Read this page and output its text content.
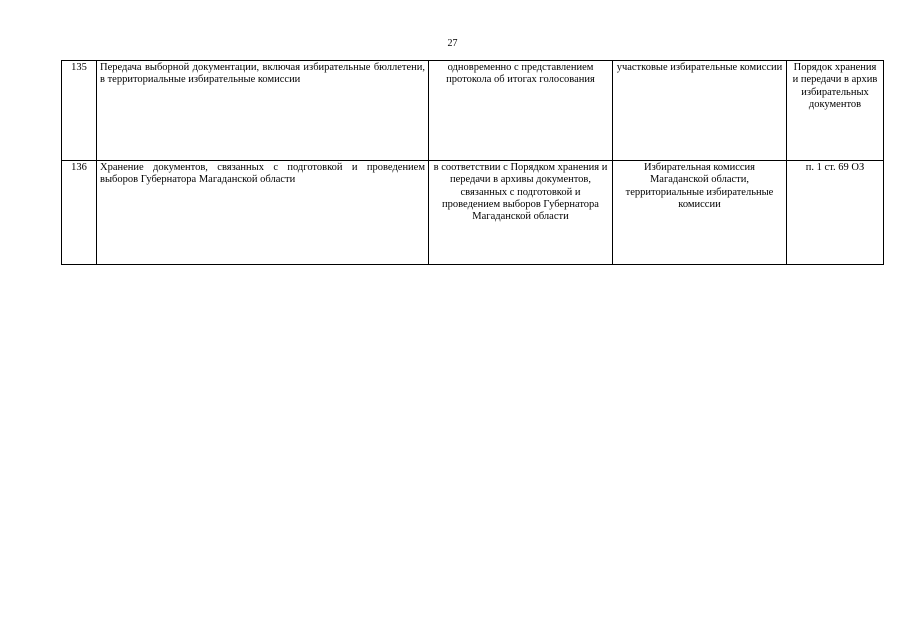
27
135	Передача выборной документации, включая избирательные бюллетени, в территориальные избирательные комиссии	одновременно с представлением протокола об итогах голосования	участковые избирательные комиссии	Порядок хранения и передачи в архив избирательных документов
136	Хранение документов, связанных с подготовкой и проведением выборов Губернатора Магаданской области	в соответствии с Порядком хранения и передачи в архивы документов, связанных с подготовкой и проведением выборов Губернатора Магаданской области	Избирательная комиссия Магаданской области, территориальные избирательные комиссии	п. 1 ст. 69 ОЗ
